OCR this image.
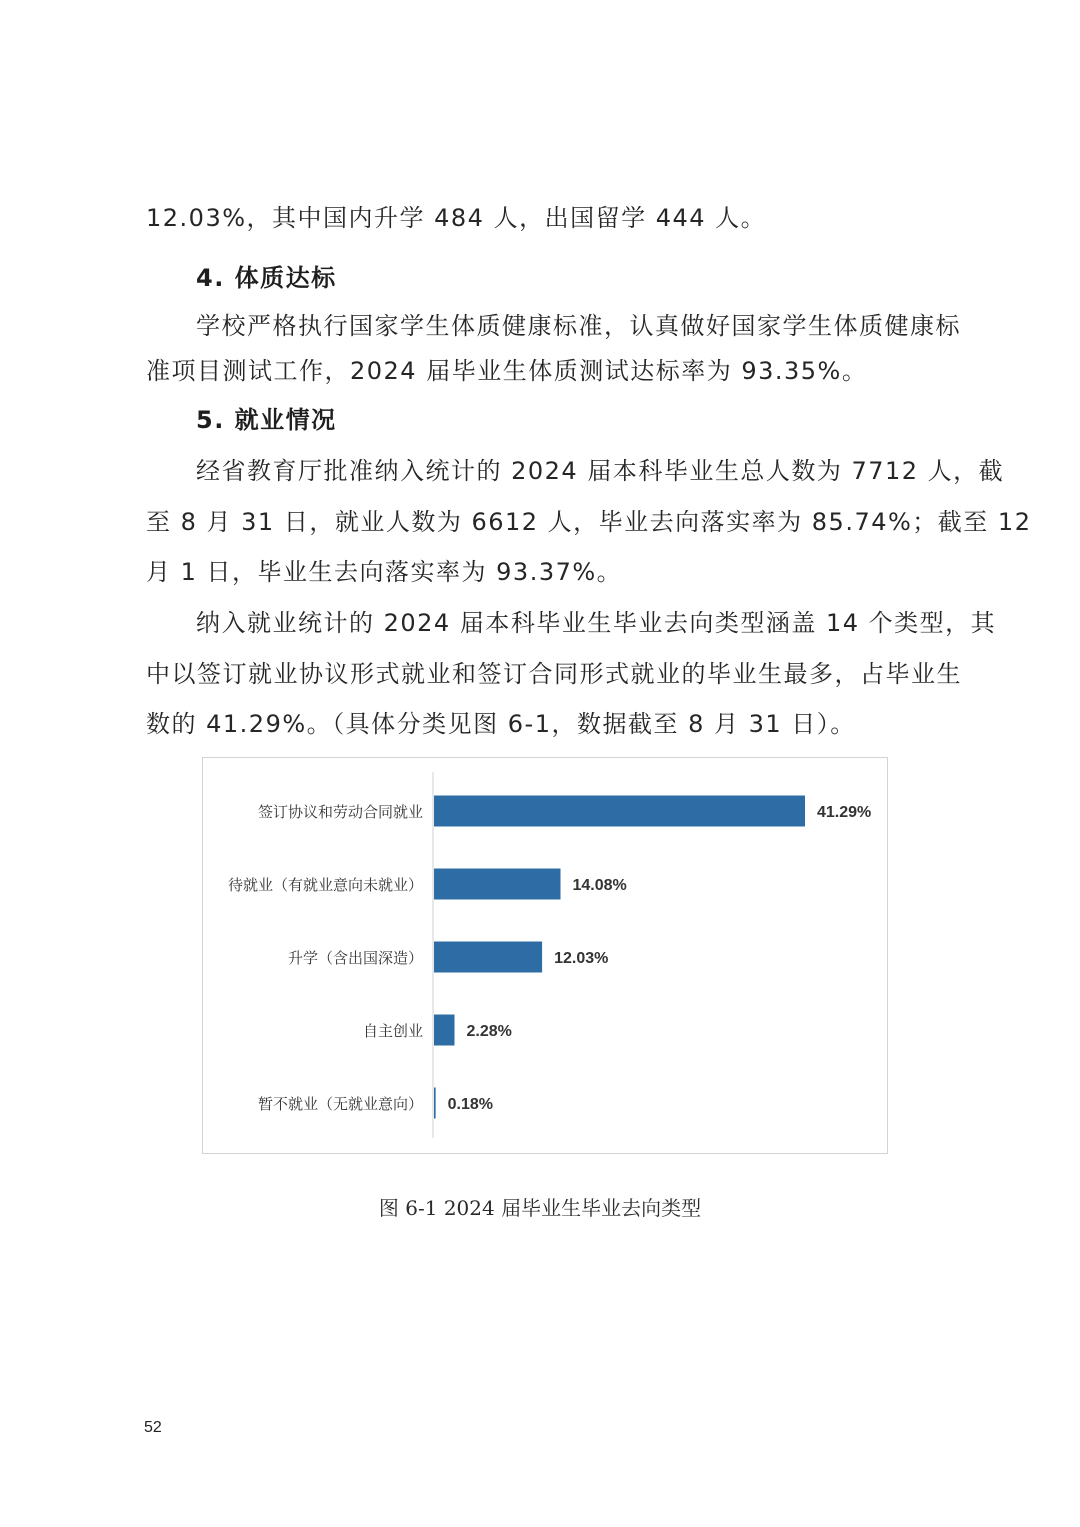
12.03%，其中国内升学 484 人，出国留学 444 人。
4. 体质达标
学校严格执行国家学生体质健康标准，认真做好国家学生体质健康标
准项目测试工作，2024 届毕业生体质测试达标率为 93.35%。
5. 就业情况
经省教育厅批准纳入统计的 2024 届本科毕业生总人数为 7712 人，截
至 8 月 31 日，就业人数为 6612 人，毕业去向落实率为 85.74%；截至 12
月 1 日，毕业生去向落实率为 93.37%。
纳入就业统计的 2024 届本科毕业生毕业去向类型涵盖 14 个类型，其
中以签订就业协议形式就业和签订合同形式就业的毕业生最多，占毕业生
数的 41.29%。（具体分类见图 6-1，数据截至 8 月 31 日）。
签订协议和劳动合同就业	41.29%
待就业（有就业意向未就业）	14.08%
升学（含出国深造）	12.03%
自主创业	2.28%
暂不就业（无就业意向） 0.18%
图 6-1 2024 届毕业生毕业去向类型
52
